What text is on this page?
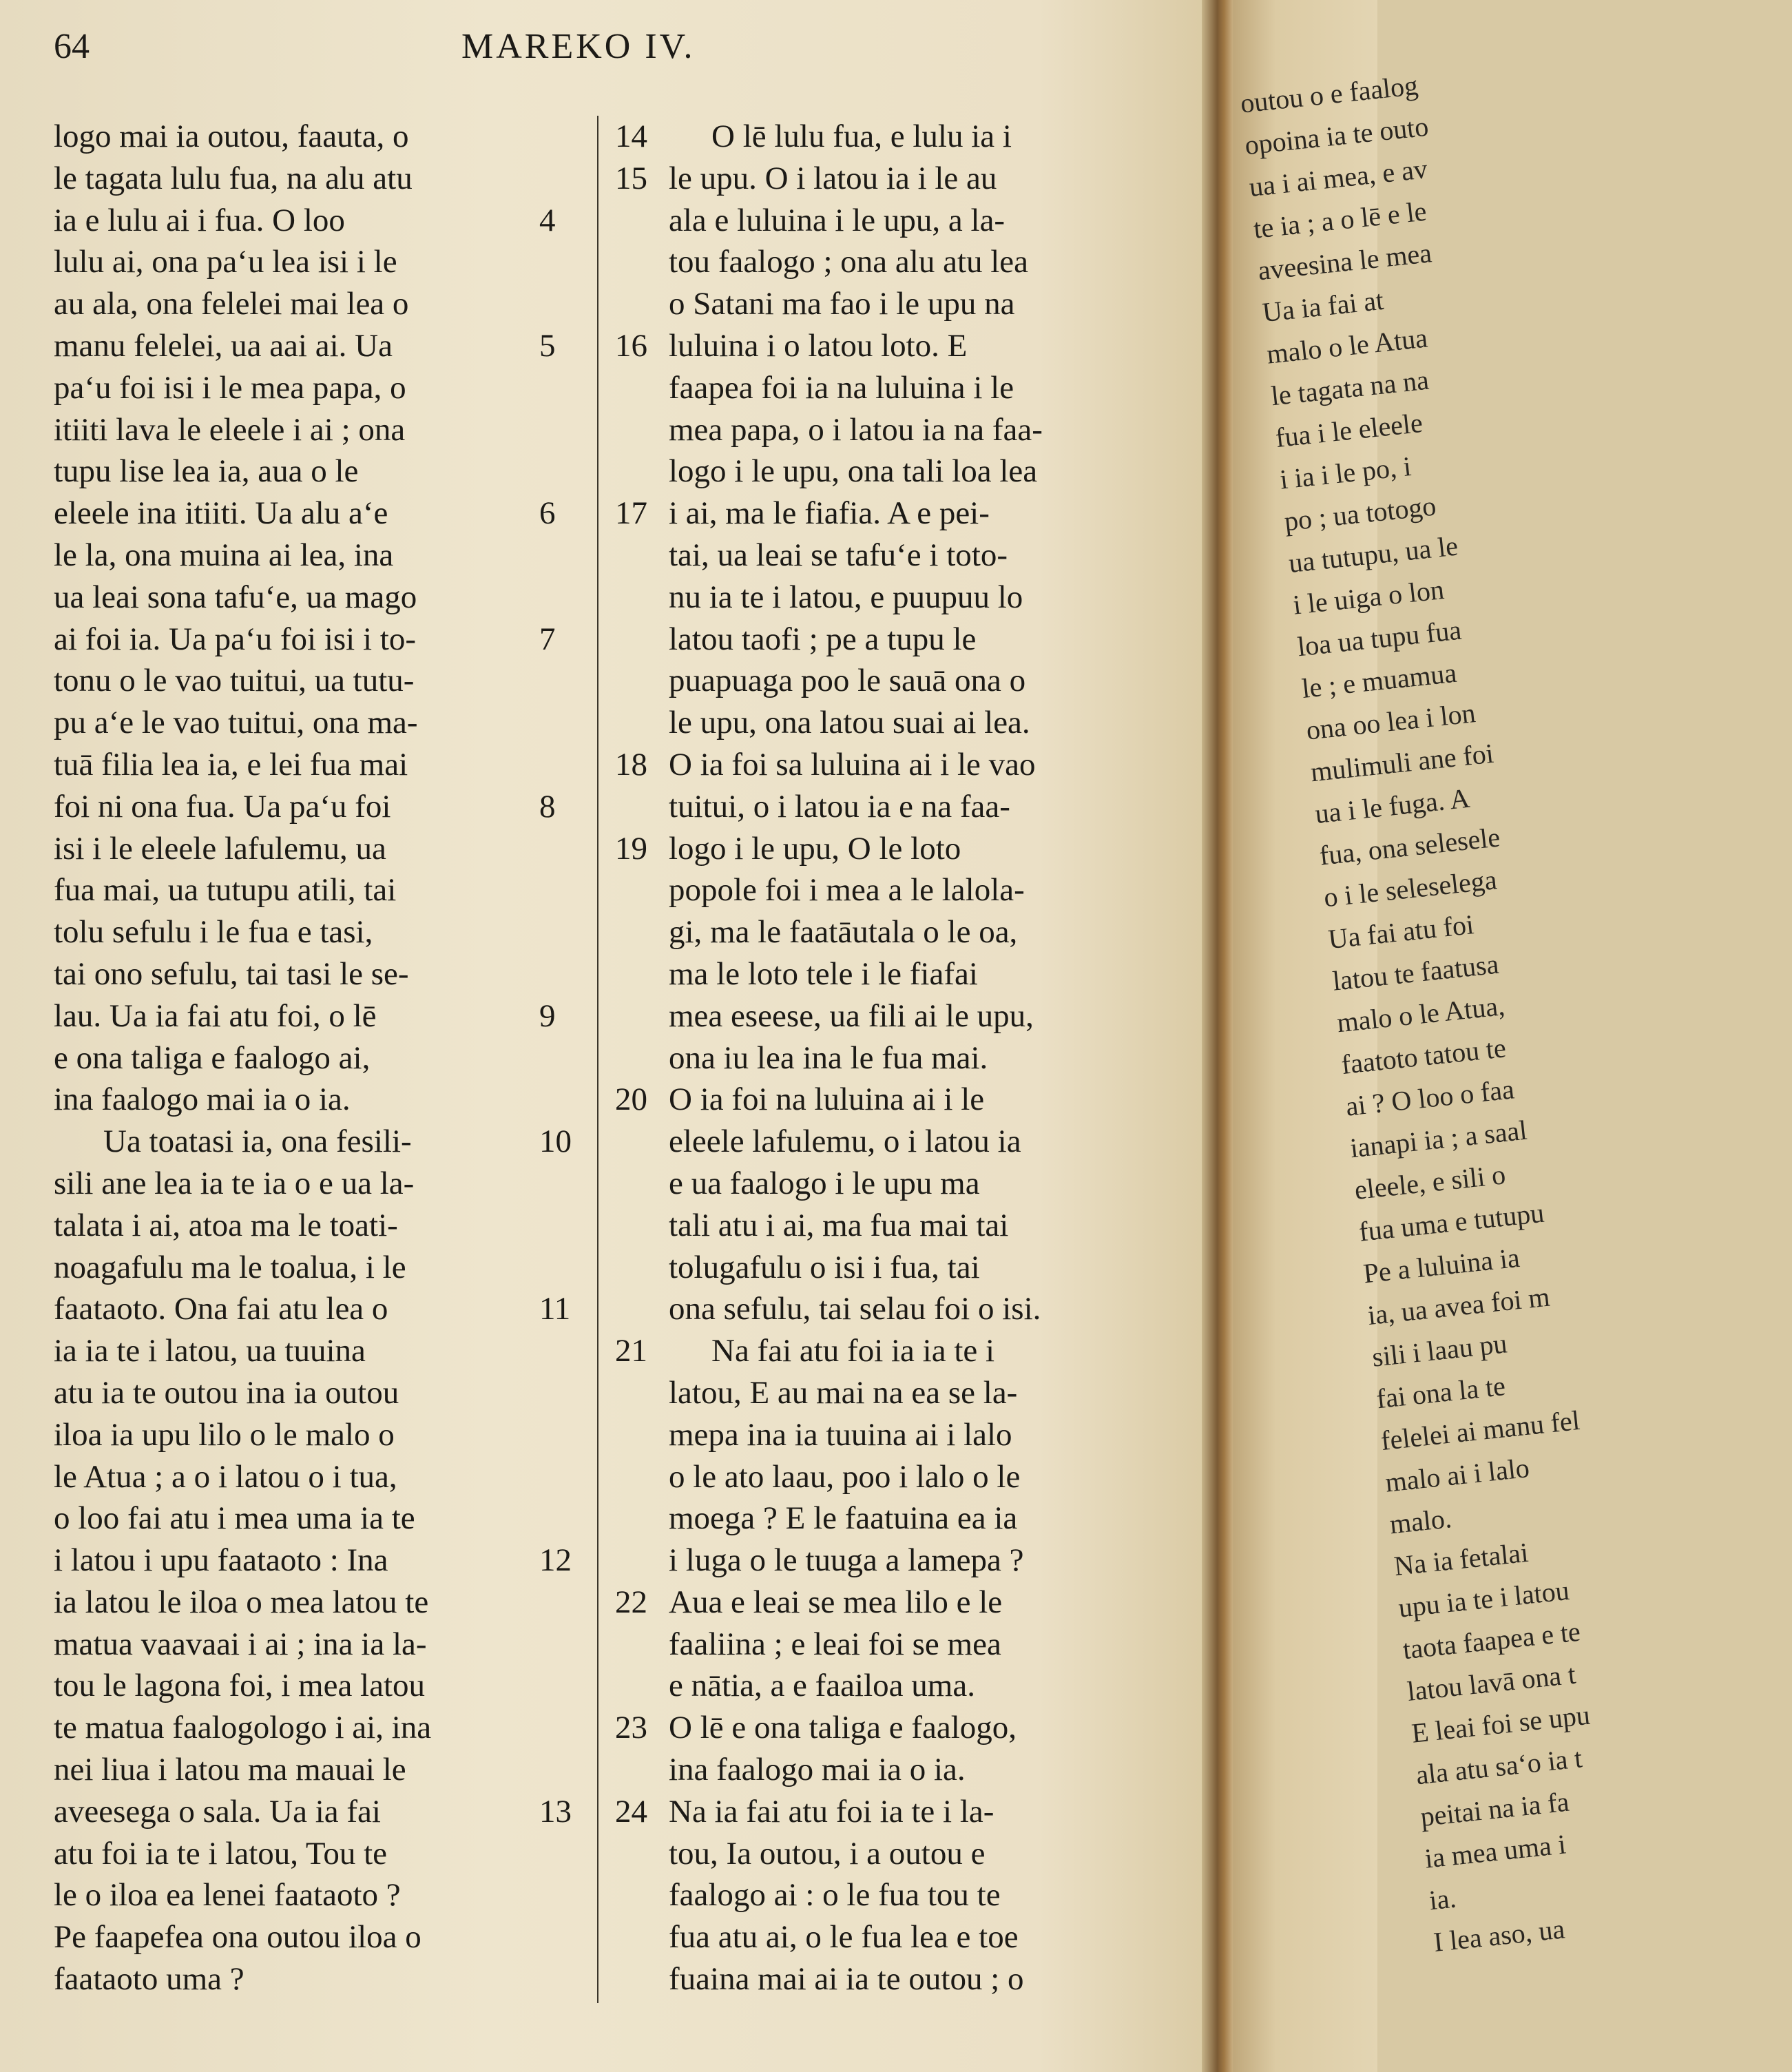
64	MAREKO IV.
logo mai ia outou, faauta, o
le tagata lulu fua, na alu atu
4
ia e lulu ai i fua. O loo
lulu ai, ona pa‘u lea isi i le
au ala, ona felelei mai lea o
5
manu felelei, ua aai ai. Ua
pa‘u foi isi i le mea papa, o
itiiti lava le eleele i ai ; ona
tupu lise lea ia, aua o le
6
eleele ina itiiti. Ua alu a‘e
le la, ona muina ai lea, ina
ua leai sona tafu‘e, ua mago
7
ai foi ia. Ua pa‘u foi isi i to-
tonu o le vao tuitui, ua tutu-
pu a‘e le vao tuitui, ona ma-
tuā filia lea ia, e lei fua mai
8
foi ni ona fua. Ua pa‘u foi
isi i le eleele lafulemu, ua
fua mai, ua tutupu atili, tai
tolu sefulu i le fua e tasi,
tai ono sefulu, tai tasi le se-
9
lau. Ua ia fai atu foi, o lē
e ona taliga e faalogo ai,
ina faalogo mai ia o ia.
10
Ua toatasi ia, ona fesili-
sili ane lea ia te ia o e ua la-
talata i ai, atoa ma le toati-
noagafulu ma le toalua, i le
11
faataoto. Ona fai atu lea o
ia ia te i latou, ua tuuina
atu ia te outou ina ia outou
iloa ia upu lilo o le malo o
le Atua ; a o i latou o i tua,
o loo fai atu i mea uma ia te
12
i latou i upu faataoto : Ina
ia latou le iloa o mea latou te
matua vaavaai i ai ; ina ia la-
tou le lagona foi, i mea latou
te matua faalogologo i ai, ina
nei liua i latou ma mauai le
13
aveesega o sala. Ua ia fai
atu foi ia te i latou, Tou te
le o iloa ea lenei faataoto ?
Pe faapefea ona outou iloa o
faataoto uma ?
14 O lē lulu fua, e lulu ia i
15 le upu. O i latou ia i le au
ala e luluina i le upu, a la-
tou faalogo ; ona alu atu lea
o Satani ma fao i le upu na
16 luluina i o latou loto. E
faapea foi ia na luluina i le
mea papa, o i latou ia na faa-
logo i le upu, ona tali loa lea
17 i ai, ma le fiafia. A e pei-
tai, ua leai se tafu‘e i toto-
nu ia te i latou, e puupuu lo
latou taofi ; pe a tupu le
puapuaga poo le sauā ona o
le upu, ona latou suai ai lea.
18 O ia foi sa luluina ai i le vao
tuitui, o i latou ia e na faa-
19 logo i le upu, O le loto
popole foi i mea a le lalola-
gi, ma le faatāutala o le oa,
ma le loto tele i le fiafai
mea eseese, ua fili ai le upu,
ona iu lea ina le fua mai.
20 O ia foi na luluina ai i le
eleele lafulemu, o i latou ia
e ua faalogo i le upu ma
tali atu i ai, ma fua mai tai
tolugafulu o isi i fua, tai
ona sefulu, tai selau foi o isi.
21 Na fai atu foi ia ia te i
latou, E au mai na ea se la-
mepa ina ia tuuina ai i lalo
o le ato laau, poo i lalo o le
moega ? E le faatuina ea ia
i luga o le tuuga a lamepa ?
22 Aua e leai se mea lilo e le
faaliina ; e leai foi se mea
e nātia, a e faailoa uma.
23 O lē e ona taliga e faalogo,
ina faalogo mai ia o ia.
24 Na ia fai atu foi ia te i la-
tou, Ia outou, i a outou e
faalogo ai : o le fua tou te
fua atu ai, o le fua lea e toe
fuaina mai ai ia te outou ; o
outou o e faalog
opoina ia te outo
ua i ai mea, e av
te ia ; a o lē e le
aveesina le mea
Ua ia fai at
malo o le Atua
le tagata na na
fua i le eleele
i ia i le po, i
po ; ua totogo
ua tutupu, ua le
i le uiga o lon
loa ua tupu fua
le ; e muamua
ona oo lea i lon
mulimuli ane foi
ua i le fuga. A
fua, ona selesele
o i le seleselega
Ua fai atu foi
latou te faatusa
malo o le Atua,
faatoto tatou te
ai ? O loo o faa
ianapi ia ; a saal
eleele, e sili o
fua uma e tutupu
Pe a luluina ia
ia, ua avea foi m
sili i laau pu
fai ona la te
felelei ai manu fel
malo ai i lalo
malo.
Na ia fetalai
upu ia te i latou
taota faapea e te
latou lavā ona t
E leai foi se upu
ala atu sa‘o ia t
peitai na ia fa
ia mea uma i
ia.
I lea aso, ua
